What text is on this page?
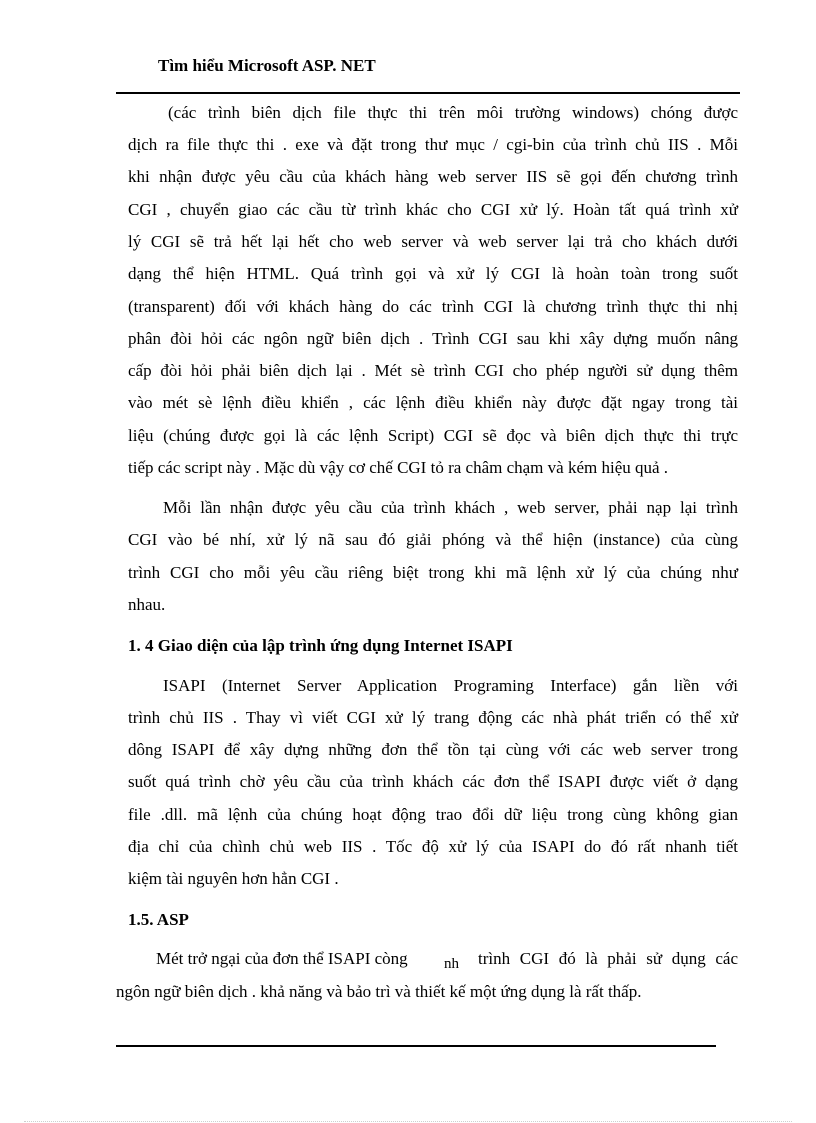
Tìm hiểu Microsoft ASP. NET
(các trình biên dịch file thực thi trên môi trường windows) chóng được
dịch ra file thực thi . exe và đặt trong thư mục / cgi-bin của trình chủ IIS . Mỗi
khi nhận được yêu cầu của khách hàng web server IIS sẽ gọi đến chương trình
CGI , chuyển giao các cầu từ trình khác cho CGI xử lý. Hoàn tất quá trình xử
lý CGI sẽ trả hết lại hết cho web server và web server lại trả cho khách dưới
dạng thể hiện HTML. Quá trình gọi và xử lý CGI là hoàn toàn trong suốt
(transparent) đối với khách hàng do các trình CGI là chương trình thực thi nhị
phân đòi hỏi các ngôn ngữ biên dịch . Trình CGI sau khi xây dựng muốn nâng
cấp đòi hỏi phải biên dịch lại . Mét sè trình CGI cho phép người sử dụng thêm
vào mét sè lệnh điều khiển , các lệnh điều khiển này được đặt ngay trong tài
liệu (chúng được gọi là các lệnh Script) CGI sẽ đọc và biên dịch thực thi trực
tiếp các script này . Mặc dù vậy cơ chế CGI tỏ ra châm chạm và kém hiệu quả .
Mỗi lần nhận được yêu cầu của trình khách , web server, phải nạp lại trình
CGI vào bé nhí, xử lý nã sau đó giải phóng và thể hiện (instance) của cùng
trình CGI cho mỗi yêu cầu riêng biệt trong khi mã lệnh xử lý của chúng như
nhau.
1. 4 Giao diện của lập trình ứng dụng Internet ISAPI
ISAPI (Internet Server Application Programing Interface) gắn liền với
trình chủ IIS . Thay vì viết CGI xử lý trang động các nhà phát triển có thể xử
dông ISAPI để xây dựng những đơn thể tồn tại cùng với các web server trong
suốt quá trình chờ yêu cầu của trình khách các đơn thể ISAPI được viết ở dạng
file .dll. mã lệnh của chúng hoạt động trao đổi dữ liệu trong cùng không gian
địa chỉ của chình chủ web IIS . Tốc độ xử lý của ISAPI do đó rất nhanh tiết
kiệm tài nguyên hơn hẳn CGI .
1.5. ASP
Mét trở ngại của đơn thể ISAPI còng nh trình CGI đó là phải sử dụng các
ngôn ngữ biên dịch . khả năng và bảo trì và thiết kế một ứng dụng là rất thấp.
